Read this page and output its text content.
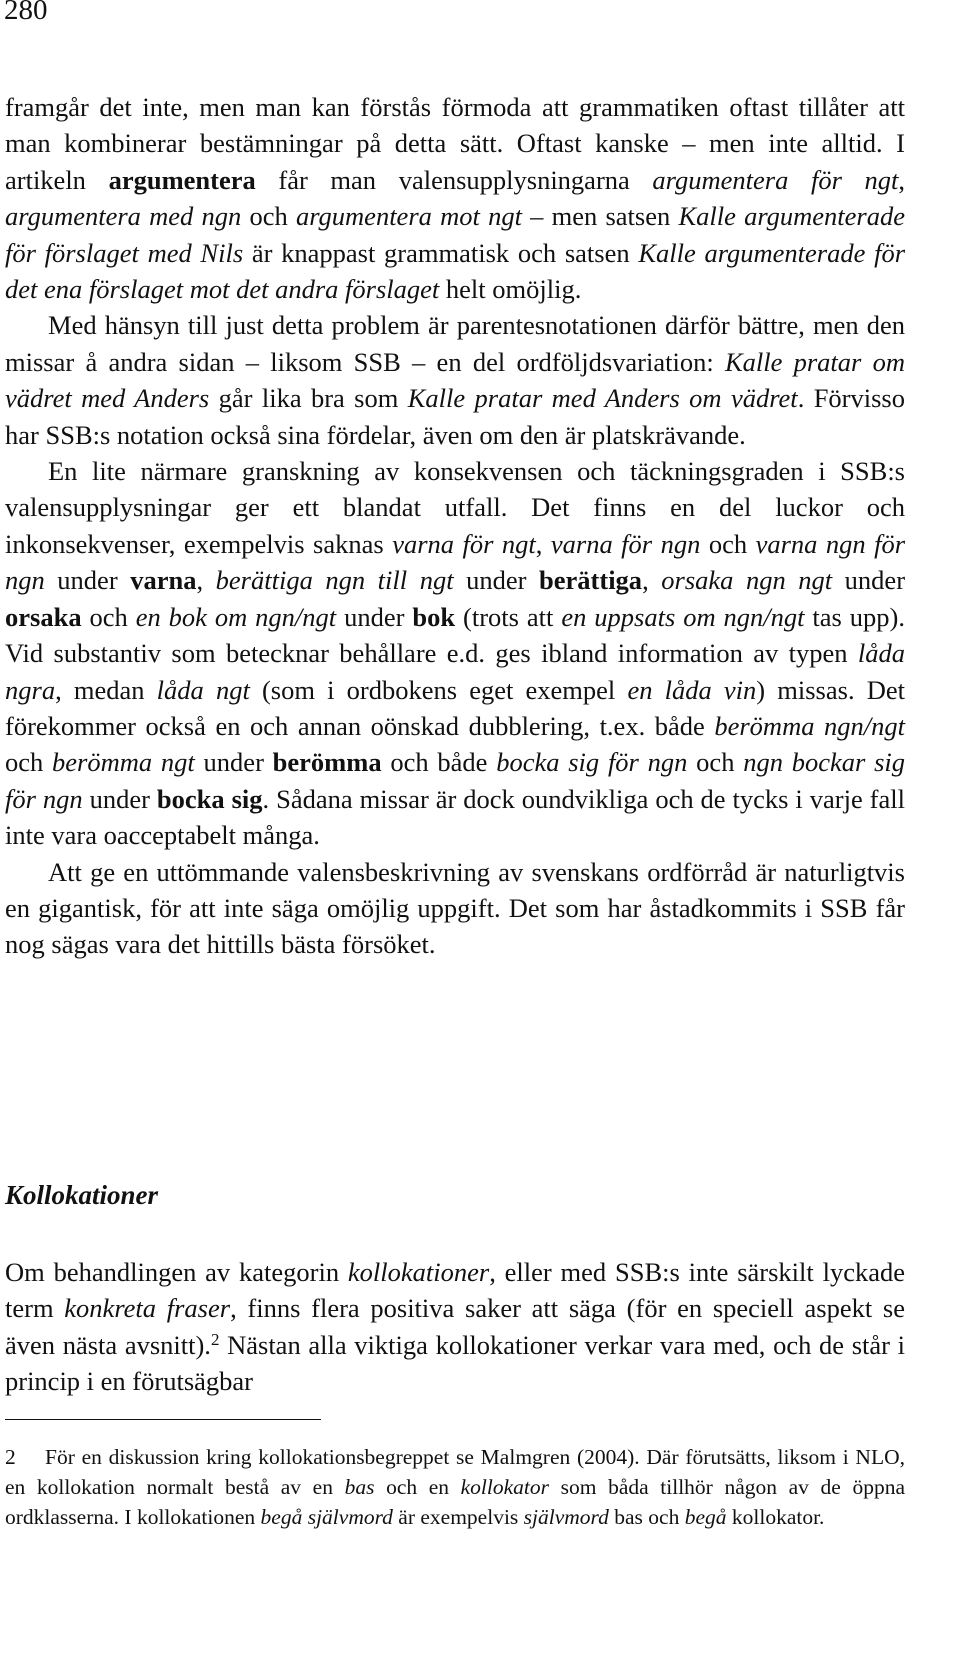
280

framgår det inte, men man kan förstås förmoda att grammatiken oftast tillåter att man kombinerar bestämningar på detta sätt. Oftast kanske – men inte alltid. I artikeln argumentera får man valensupplysningarna argumentera för ngt, argumentera med ngn och argumentera mot ngt – men satsen Kalle argumenterade för förslaget med Nils är knappast grammatisk och satsen Kalle argumenterade för det ena förslaget mot det andra förslaget helt omöjlig.

Med hänsyn till just detta problem är parentesnotationen därför bättre, men den missar å andra sidan – liksom SSB – en del ordföljdsvariation: Kalle pratar om vädret med Anders går lika bra som Kalle pratar med Anders om vädret. Förvisso har SSB:s notation också sina fördelar, även om den är platskrävande.

En lite närmare granskning av konsekvensen och täckningsgraden i SSB:s valensupplysningar ger ett blandat utfall. Det finns en del luckor och inkonsekvenser, exempelvis saknas varna för ngt, varna för ngn och varna ngn för ngn under varna, berättiga ngn till ngt under berättiga, orsaka ngn ngt under orsaka och en bok om ngn/ngt under bok (trots att en uppsats om ngn/ngt tas upp). Vid substantiv som betecknar behållare e.d. ges ibland information av typen låda ngra, medan låda ngt (som i ordbokens eget exempel en låda vin) missas. Det förekommer också en och annan oönskad dubblering, t.ex. både berömma ngn/ngt och berömma ngt under berömma och både bocka sig för ngn och ngn bockar sig för ngn under bocka sig. Sådana missar är dock oundvikliga och de tycks i varje fall inte vara oacceptabelt många.

Att ge en uttömmande valensbeskrivning av svenskans ordförråd är naturligtvis en gigantisk, för att inte säga omöjlig uppgift. Det som har åstadkommits i SSB får nog sägas vara det hittills bästa försöket.

Kollokationer

Om behandlingen av kategorin kollokationer, eller med SSB:s inte särskilt lyckade term konkreta fraser, finns flera positiva saker att säga (för en speciell aspekt se även nästa avsnitt).$^2$ Nästan alla viktiga kollokationer verkar vara med, och de står i princip i en förutsägbar

2 För en diskussion kring kollokationsbegreppet se Malmgren (2004). Där förutsätts, liksom i NLO, en kollokation normalt bestå av en bas och en kollokator som båda tillhör någon av de öppna ordklasserna. I kollokationen begå självmord är exempelvis självmord bas och begå kollokator.
